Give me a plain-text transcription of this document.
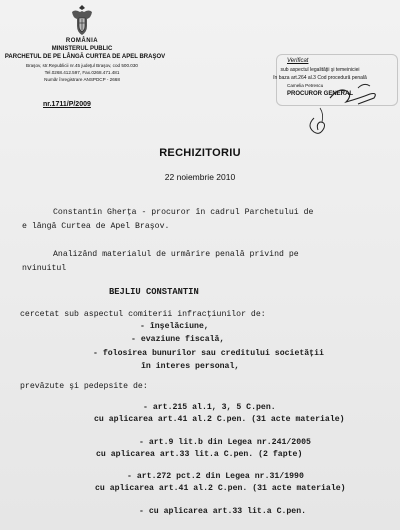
ROMÂNIA
MINISTERUL PUBLIC
PARCHETUL DE PE LÂNGĂ CURTEA DE APEL BRAŞOV
Braşov, str.Republicii nr.45 judeţul Braşov, cod 500.030
Tel.0268.412.597, Fax.0268.471.481
Număr înregistrare ANSPDCP - 2668
nr.1711/P/2009
Verificat
sub aspectul legalităţii şi temeiniciei
în baza art.264 al.3 Cod procedură penală
Camelia Petrescu
PROCUROR GENERAL
RECHIZITORIU
22 noiembrie 2010
Constantin Gherţa - procuror în cadrul Parchetului de
e lângă Curtea de Apel Braşov.
Analizând materialul de urmărire penală privind pe
nvinuitul
BEJLIU CONSTANTIN
cercetat sub aspectul comiterii infracţiunilor de:
- înşelăciune,
- evaziune fiscală,
- folosirea bunurilor sau creditului societăţii
în interes personal,
prevăzute şi pedepsite de:
- art.215 al.1, 3, 5 C.pen.
cu aplicarea art.41 al.2 C.pen. (31 acte materiale)
- art.9 lit.b din Legea nr.241/2005
cu aplicarea art.33 lit.a C.pen. (2 fapte)
- art.272 pct.2 din Legea nr.31/1990
cu aplicarea art.41 al.2 C.pen. (31 acte materiale)
- cu aplicarea art.33 lit.a C.pen.
